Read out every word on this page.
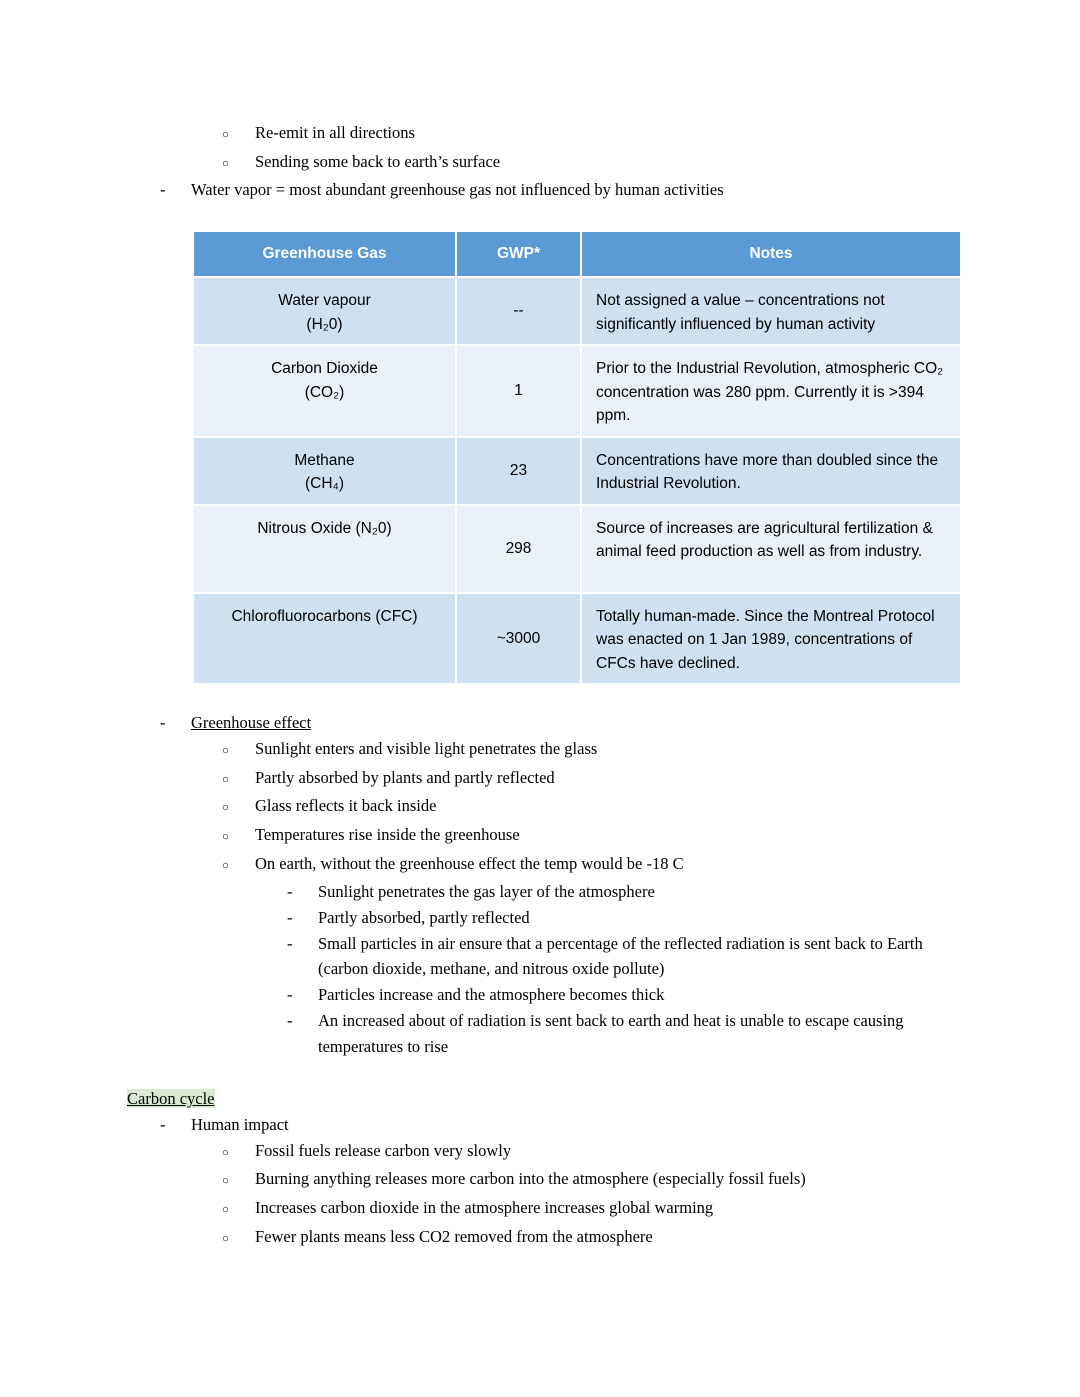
○	Re-emit in all directions
○	Sending some back to earth’s surface
-	Water vapor = most abundant greenhouse gas not influenced by human activities
Greenhouse Gas	GWP*	Notes

Water vapour
(H₂0)	--	Not assigned a value – concentrations not significantly influenced by human activity

Carbon Dioxide
(CO₂)	1	Prior to the Industrial Revolution, atmospheric CO₂ concentration was 280 ppm. Currently it is >394 ppm.

Methane
(CH₄)	23	Concentrations have more than doubled since the Industrial Revolution.

Nitrous Oxide (N₂0)	298	Source of increases are agricultural fertilization & animal feed production as well as from industry.

Chlorofluorocarbons (CFC)	~3000	Totally human-made. Since the Montreal Protocol was enacted on 1 Jan 1989, concentrations of CFCs have declined.
-	Greenhouse effect
○	Sunlight enters and visible light penetrates the glass
○	Partly absorbed by plants and partly reflected
○	Glass reflects it back inside
○	Temperatures rise inside the greenhouse
○	On earth, without the greenhouse effect the temp would be -18 C
-	Sunlight penetrates the gas layer of the atmosphere
-	Partly absorbed, partly reflected
-	Small particles in air ensure that a percentage of the reflected radiation is sent back to Earth (carbon dioxide, methane, and nitrous oxide pollute)
-	Particles increase and the atmosphere becomes thick
-	An increased about of radiation is sent back to earth and heat is unable to escape causing temperatures to rise
Carbon cycle
-	Human impact
○	Fossil fuels release carbon very slowly
○	Burning anything releases more carbon into the atmosphere (especially fossil fuels)
○	Increases carbon dioxide in the atmosphere increases global warming
○	Fewer plants means less CO2 removed from the atmosphere
